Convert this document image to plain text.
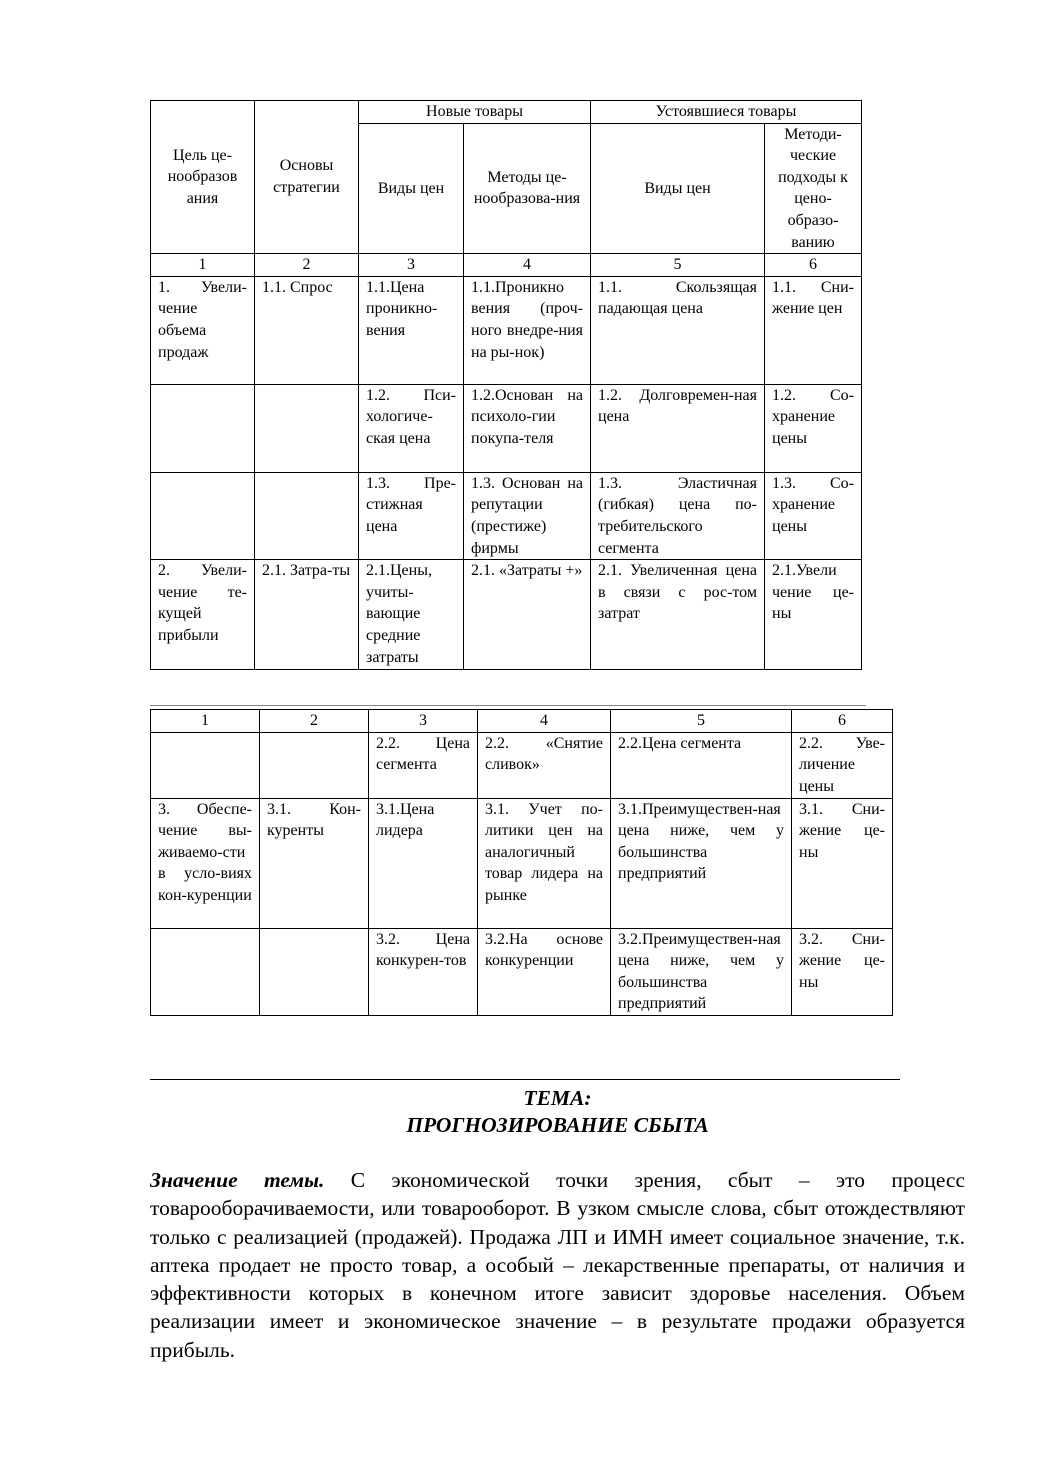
Цель це-нообразов ания	Основы стратегии	Новые товары		Устоявшиеся товары	
		Виды цен	Методы це-нообразова-ния	Виды цен	Методи-ческие подходы к цено-образо-ванию
1	2	3	4	5	6
1. Увели-чение объема продаж	1.1. Спрос	1.1.Цена проникно-вения	1.1.Проникно вения (проч-ного внедре-ния на ры-нок)	1.1. Скользящая падающая цена	1.1. Сни-жение цен
		1.2. Пси-хологиче-ская цена	1.2.Основан на психоло-гии покупа-теля	1.2. Долговремен-ная цена	1.2. Со-хранение цены
		1.3. Пре-стижная цена	1.3. Основан на репутации (престиже) фирмы	1.3. Эластичная (гибкая) цена по-требительского сегмента	1.3. Со-хранение цены
2. Увели-чение те-кущей прибыли	2.1. Затра-ты	2.1.Цены, учиты-вающие средние затраты	2.1. «Затраты +»	2.1. Увеличенная цена в связи с рос-том затрат	2.1.Увели чение це-ны
1	2	3	4	5	6
		2.2. Цена сегмента	2.2. «Снятие сливок»	2.2.Цена сегмента	2.2. Уве-личение цены
3. Обеспе-чение вы-живаемо-сти в усло-виях кон-куренции	3.1. Кон-куренты	3.1.Цена лидера	3.1. Учет по-литики цен на аналогичный товар лидера на рынке	3.1.Преимуществен-ная цена ниже, чем у большинства предприятий	3.1. Сни-жение це-ны
		3.2. Цена конкурен-тов	3.2.На основе конкуренции	3.2.Преимуществен-ная цена ниже, чем у большинства предприятий	3.2. Сни-жение це-ны
ТЕМА:
ПРОГНОЗИРОВАНИЕ СБЫТА
Значение темы. С экономической точки зрения, сбыт – это процесс товарооборачиваемости, или товарооборот. В узком смысле слова, сбыт отождествляют только с реализацией (продажей). Продажа ЛП и ИМН имеет социальное значение, т.к. аптека продает не просто товар, а особый – лекарственные препараты, от наличия и эффективности которых в конечном итоге зависит здоровье населения. Объем реализации имеет и экономическое значение – в результате продажи образуется прибыль.
